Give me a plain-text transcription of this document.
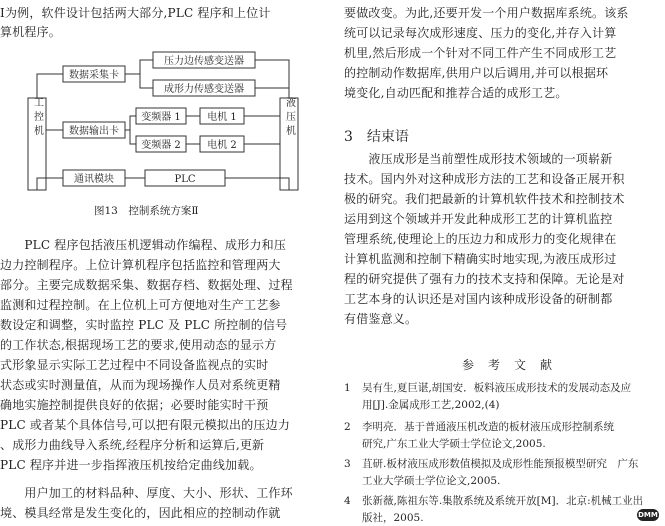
Ⅰ为例，软件设计包括两大部分,PLC 程序和上位计
算机程序。
工控机	液压机
数据采集卡
压力边传感变送器
成形力传感变送器
数据输出卡
变频器 1
变频器 2
电机 1
电机 2
通讯模块	PLC
图13　控制系统方案Ⅱ
　　PLC 程序包括液压机逻辑动作编程、成形力和压
边力控制程序。上位计算机程序包括监控和管理两大
部分。主要完成数据采集、数据存档、数据处理、过程
监测和过程控制。在上位机上可方便地对生产工艺参
数设定和调整，实时监控 PLC 及 PLC 所控制的信号
的工作状态,根据现场工艺的要求,使用动态的显示方
式形象显示实际工艺过程中不同设备监视点的实时
状态或实时测量值，从而为现场操作人员对系统更精
确地实施控制提供良好的依据；必要时能实时干预
PLC 或者某个具体信号,可以把有限元模拟出的压边力
、成形力曲线导入系统,经程序分析和运算后,更新
PLC 程序并进一步指挥液压机按给定曲线加载。
　　用户加工的材料品种、厚度、大小、形状、工作环
境、模具经常是发生变化的，因此相应的控制动作就
要做改变。为此,还要开发一个用户数据库系统。该系
统可以记录每次成形速度、压力的变化,并存入计算
机里,然后形成一个针对不同工件产生不同成形工艺
的控制动作数据库,供用户以后调用,并可以根据环
境变化,自动匹配和推荐合适的成形工艺。
3　结束语
　　液压成形是当前塑性成形技术领域的一项崭新
技术。国内外对这种成形方法的工艺和设备正展开积
极的研究。我们把最新的计算机软件技术和控制技术
运用到这个领域并开发此种成形工艺的计算机监控
管理系统,使理论上的压边力和成形力的变化规律在
计算机监测和控制下精确实时地实现,为液压成形过
程的研究提供了强有力的技术支持和保障。无论是对
工艺本身的认识还是对国内该种成形设备的研制都
有借鉴意义。
参考文献
1 吴有生,夏巨谌,胡国安．板料液压成形技术的发展动态及应
用[J].金属成形工艺,2002,(4)
2 李明亮．基于普通液压机改造的板材液压成形控制系统
研究,广东工业大学硕士学位论文,2005.
3 苴研.板材液压成形数值模拟及成形性能预报模型研究　广东
工业大学硕士学位论文,2005.
4 张新薇,陈祖东等.集散系统及系统开放[M]．北京:机械工业出
版社，2005.	DMM
